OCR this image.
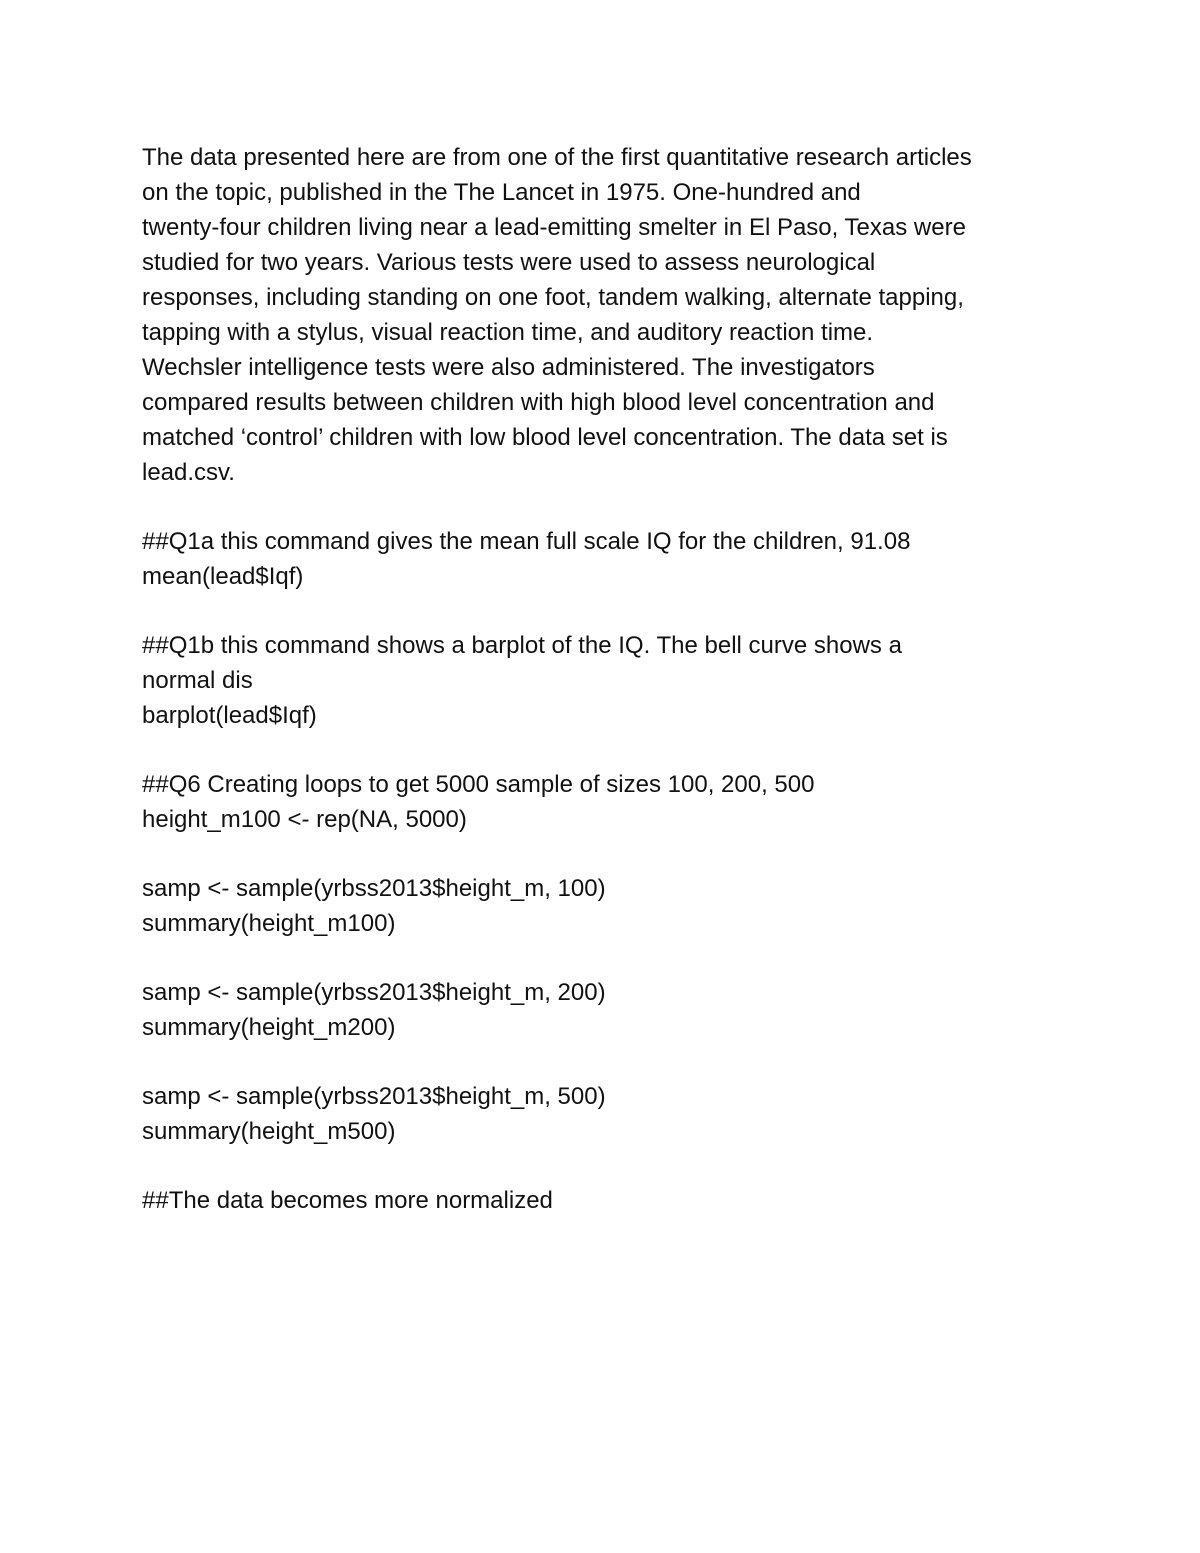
The data presented here are from one of the first quantitative research articles
on the topic, published in the The Lancet in 1975. One-hundred and
twenty-four children living near a lead-emitting smelter in El Paso, Texas were
studied for two years. Various tests were used to assess neurological
responses, including standing on one foot, tandem walking, alternate tapping,
tapping with a stylus, visual reaction time, and auditory reaction time.
Wechsler intelligence tests were also administered. The investigators
compared results between children with high blood level concentration and
matched ‘control’ children with low blood level concentration. The data set is
lead.csv.
##Q1a this command gives the mean full scale IQ for the children, 91.08
mean(lead$Iqf)
##Q1b this command shows a barplot of the IQ. The bell curve shows a
normal dis
barplot(lead$Iqf)
##Q6 Creating loops to get 5000 sample of sizes 100, 200, 500
height_m100 <- rep(NA, 5000)
samp <- sample(yrbss2013$height_m, 100)
summary(height_m100)
samp <- sample(yrbss2013$height_m, 200)
summary(height_m200)
samp <- sample(yrbss2013$height_m, 500)
summary(height_m500)
##The data becomes more normalized
